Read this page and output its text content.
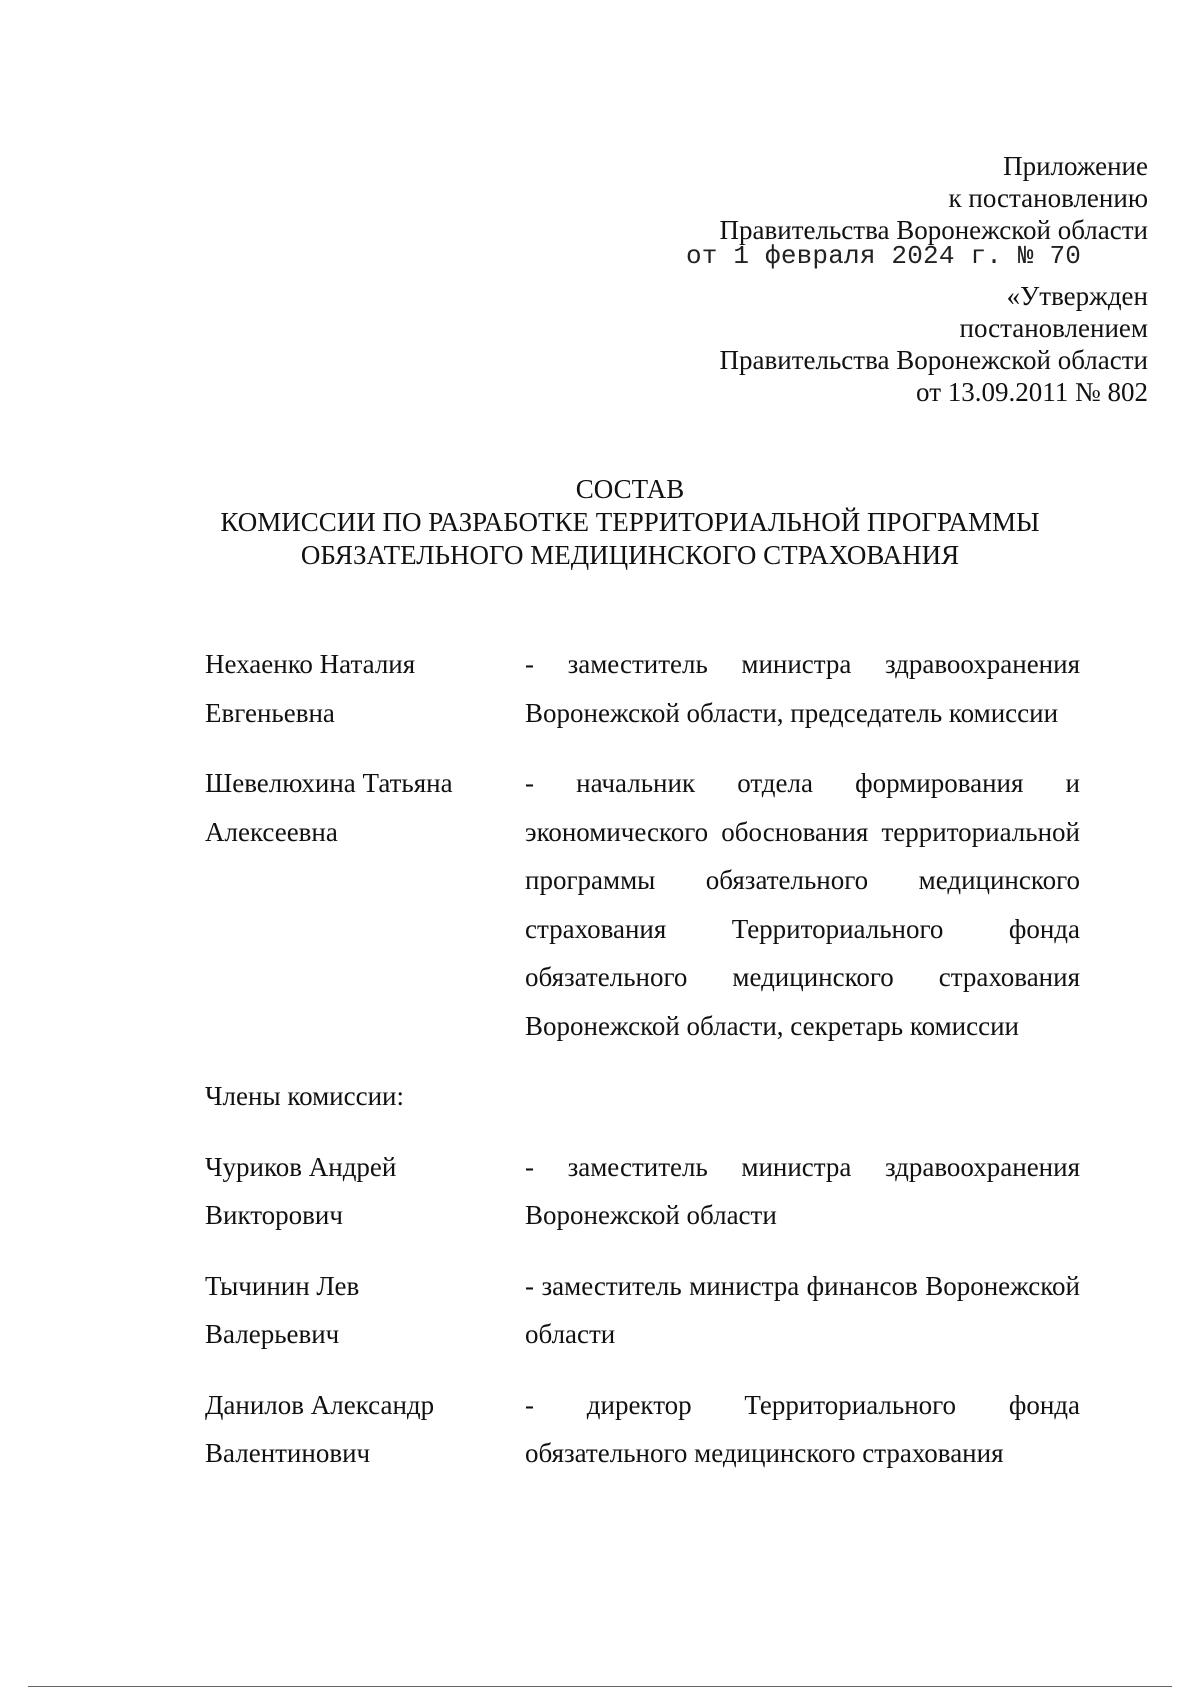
Приложение
к постановлению
Правительства Воронежской области
от 1 февраля 2024 г. № 70
«Утвержден
постановлением
Правительства Воронежской области
от 13.09.2011 № 802
СОСТАВ
КОМИССИИ ПО РАЗРАБОТКЕ ТЕРРИТОРИАЛЬНОЙ ПРОГРАММЫ
ОБЯЗАТЕЛЬНОГО МЕДИЦИНСКОГО СТРАХОВАНИЯ
Нехаенко Наталия
Евгеньевна
- заместитель министра здравоохранения Воронежской области, председатель комиссии
Шевелюхина Татьяна
Алексеевна
- начальник отдела формирования и экономического обоснования территориальной программы обязательного медицинского страхования Территориального фонда обязательного медицинского страхования Воронежской области, секретарь комиссии
Члены комиссии:
Чуриков Андрей
Викторович
- заместитель министра здравоохранения Воронежской области
Тычинин Лев
Валерьевич
- заместитель министра финансов Воронежской области
Данилов Александр
Валентинович
- директор Территориального фонда обязательного медицинского страхования
